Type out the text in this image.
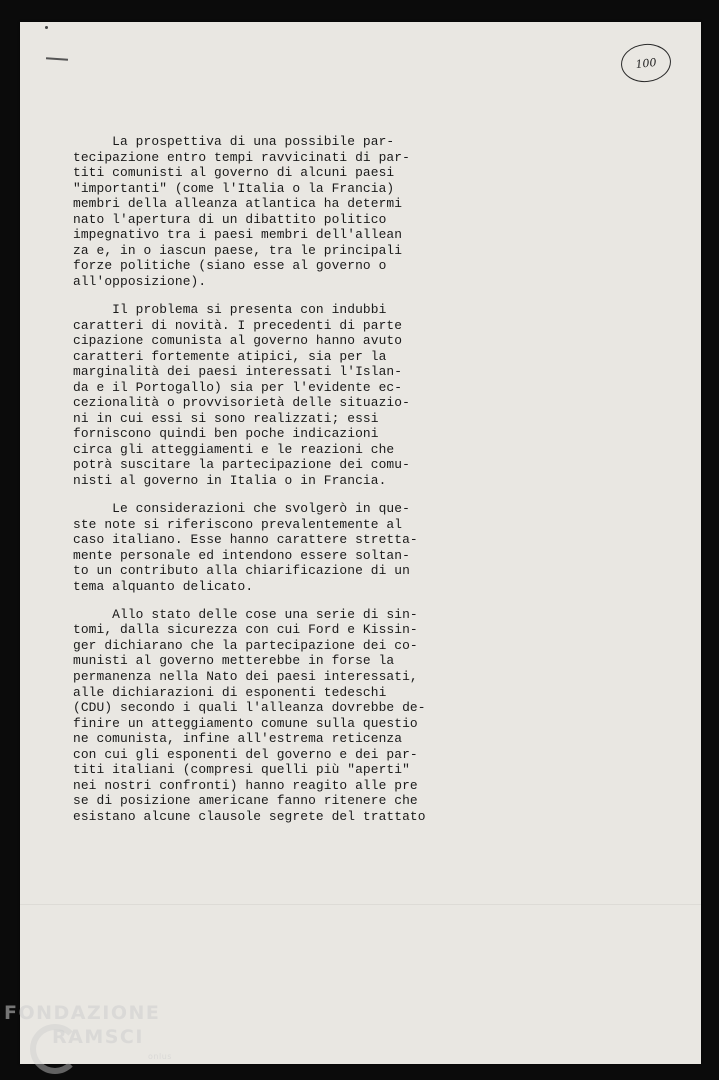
100
La prospettiva di una possibile par-
tecipazione entro tempi ravvicinati di par-
titi comunisti al governo di alcuni paesi
"importanti" (come l'Italia o la Francia)
membri della alleanza atlantica ha determi
nato l'apertura di un dibattito politico
impegnativo tra i paesi membri dell'allean
za e, in o iascun paese, tra le principali
forze politiche (siano esse al governo o
all'opposizione).
Il problema si presenta con indubbi
caratteri di novità. I precedenti di parte
cipazione comunista al governo hanno avuto
caratteri fortemente atipici, sia per la
marginalità dei paesi interessati l'Islan-
da e il Portogallo) sia per l'evidente ec-
cezionalità o provvisorietà delle situazio-
ni in cui essi si sono realizzati; essi
forniscono quindi ben poche indicazioni
circa gli atteggiamenti e le reazioni che
potrà suscitare la partecipazione dei comu-
nisti al governo in Italia o in Francia.
Le considerazioni che svolgerò in que-
ste note si riferiscono prevalentemente al
caso italiano. Esse hanno carattere stretta-
mente personale ed intendono essere soltan-
to un contributo alla chiarificazione di un
tema alquanto delicato.
Allo stato delle cose una serie di sin-
tomi, dalla sicurezza con cui Ford e Kissin-
ger dichiarano che la partecipazione dei co-
munisti al governo metterebbe in forse la
permanenza nella Nato dei paesi interessati,
alle dichiarazioni di esponenti tedeschi
(CDU) secondo i quali l'alleanza dovrebbe de-
finire un atteggiamento comune sulla questio
ne comunista, infine all'estrema reticenza
con cui gli esponenti del governo e dei par-
titi italiani (compresi quelli più "aperti"
nei nostri confronti) hanno reagito alle pre
se di posizione americane fanno ritenere che
esistano alcune clausole segrete del trattato
FONDAZIONE
RAMSCI
onlus
